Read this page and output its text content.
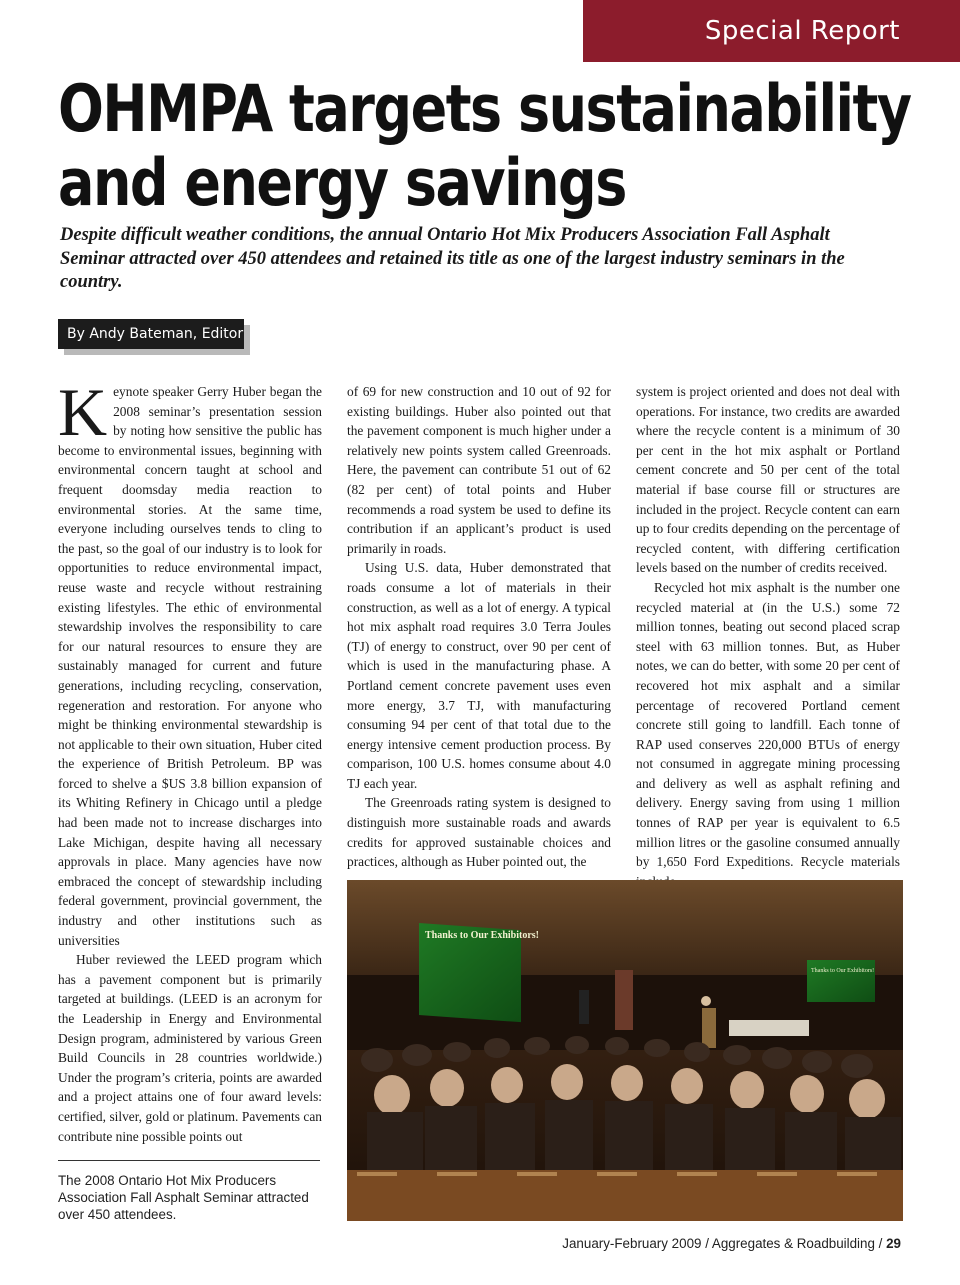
Special Report
OHMPA targets sustainability
and energy savings

Despite difficult weather conditions, the annual Ontario Hot Mix Producers Association Fall Asphalt Seminar attracted over 450 attendees and retained its title as one of the largest industry seminars in the country.

By Andy Bateman, Editor

Keynote speaker Gerry Huber began the 2008 seminar’s presentation session by noting how sensitive the public has become to environmental issues, beginning with environmental concern taught at school and frequent doomsday media reaction to environmental stories. At the same time, everyone including ourselves tends to cling to the past, so the goal of our industry is to look for opportunities to reduce environmental impact, reuse waste and recycle without restraining existing lifestyles. The ethic of environmental stewardship involves the responsibility to care for our natural resources to ensure they are sustainably managed for current and future generations, including recycling, conservation, regeneration and restoration. For anyone who might be thinking environmental stewardship is not applicable to their own situation, Huber cited the experience of British Petroleum. BP was forced to shelve a $US 3.8 billion expansion of its Whiting Refinery in Chicago until a pledge had been made not to increase discharges into Lake Michigan, despite having all necessary approvals in place. Many agencies have now embraced the concept of stewardship including federal government, provincial government, the industry and other institutions such as universities

Huber reviewed the LEED program which has a pavement component but is primarily targeted at buildings. (LEED is an acronym for the Leadership in Energy and Environmental Design program, administered by various Green Build Councils in 28 countries worldwide.) Under the program’s criteria, points are awarded and a project attains one of four award levels: certified, silver, gold or platinum. Pavements can contribute nine possible points out

of 69 for new construction and 10 out of 92 for existing buildings. Huber also pointed out that the pavement component is much higher under a relatively new points system called Greenroads. Here, the pavement can contribute 51 out of 62 (82 per cent) of total points and Huber recommends a road system be used to define its contribution if an applicant’s product is used primarily in roads.

Using U.S. data, Huber demonstrated that roads consume a lot of materials in their construction, as well as a lot of energy. A typical hot mix asphalt road requires 3.0 Terra Joules (TJ) of energy to construct, over 90 per cent of which is used in the manufacturing phase. A Portland cement concrete pavement uses even more energy, 3.7 TJ, with manufacturing consuming 94 per cent of that total due to the energy intensive cement production process. By comparison, 100 U.S. homes consume about 4.0 TJ each year.

The Greenroads rating system is designed to distinguish more sustainable roads and awards credits for approved sustainable choices and practices, although as Huber pointed out, the

system is project oriented and does not deal with operations. For instance, two credits are awarded where the recycle content is a minimum of 30 per cent in the hot mix asphalt or Portland cement concrete and 50 per cent of the total material if base course fill or structures are included in the project. Recycle content can earn up to four credits depending on the percentage of recycled content, with differing certification levels based on the number of credits received.

Recycled hot mix asphalt is the number one recycled material at (in the U.S.) some 72 million tonnes, beating out second placed scrap steel with 63 million tonnes. But, as Huber notes, we can do better, with some 20 per cent of recovered hot mix asphalt and a similar percentage of recovered Portland cement concrete still going to landfill. Each tonne of RAP used conserves 220,000 BTUs of energy not consumed in aggregate mining processing and delivery as well as asphalt refining and delivery. Energy saving from using 1 million tonnes of RAP per year is equivalent to 6.5 million litres or the gasoline consumed annually by 1,650 Ford Expeditions. Recycle materials

Thanks to Our Exhibitors!
Thanks to Our Exhibitors!

The 2008 Ontario Hot Mix Producers Association Fall Asphalt Seminar attracted over 450 attendees.

January-February 2009 / Aggregates & Roadbuilding / 29
